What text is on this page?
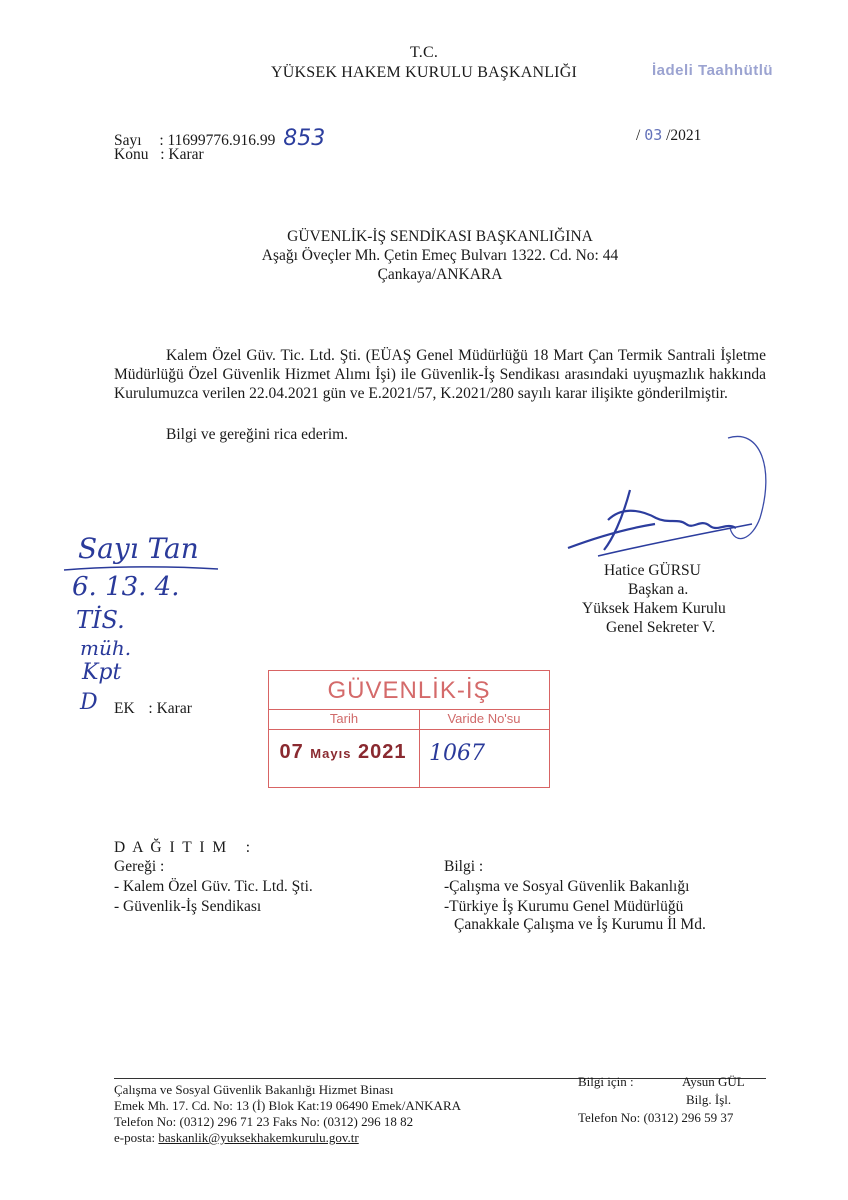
T.C.
YÜKSEK HAKEM KURULU BAŞKANLIĞI	İadeli Taahhütlü
Sayı : 11699776.916.99 853
Konu : Karar
/ 03 /2021
GÜVENLİK-İŞ SENDİKASI BAŞKANLIĞINA
Aşağı Öveçler Mh. Çetin Emeç Bulvarı 1322. Cd. No: 44
Çankaya/ANKARA
Kalem Özel Güv. Tic. Ltd. Şti. (EÜAŞ Genel Müdürlüğü 18 Mart Çan Termik Santrali İşletme Müdürlüğü Özel Güvenlik Hizmet Alımı İşi) ile Güvenlik-İş Sendikası arasındaki uyuşmazlık hakkında Kurulumuzca verilen 22.04.2021 gün ve E.2021/57, K.2021/280 sayılı karar ilişikte gönderilmiştir.
Bilgi ve gereğini rica ederim.
Hatice GÜRSU
Başkan a.
Yüksek Hakem Kurulu
Genel Sekreter V.
Sayı Tan
6. 13. 4.
TİS.
müh.
Kpt
D EK : Karar
GÜVENLİK-İŞ
Tarih	Varide No'su
07 Mayıs 2021 1067
D A Ğ I T I M   :
Gereği :
- Kalem Özel Güv. Tic. Ltd. Şti.
- Güvenlik-İş Sendikası
Bilgi :
-Çalışma ve Sosyal Güvenlik Bakanlığı
-Türkiye İş Kurumu Genel Müdürlüğü
Çanakkale Çalışma ve İş Kurumu İl Md.
Çalışma ve Sosyal Güvenlik Bakanlığı Hizmet Binası
Emek Mh. 17. Cd. No: 13 (İ) Blok Kat:19 06490 Emek/ANKARA
Telefon No: (0312) 296 71 23 Faks No: (0312) 296 18 82
e-posta: baskanlik@yuksekhakemkurulu.gov.tr
Bilgi için :	Aysun GÜL
Bilg. İşl.
Telefon No: (0312) 296 59 37
